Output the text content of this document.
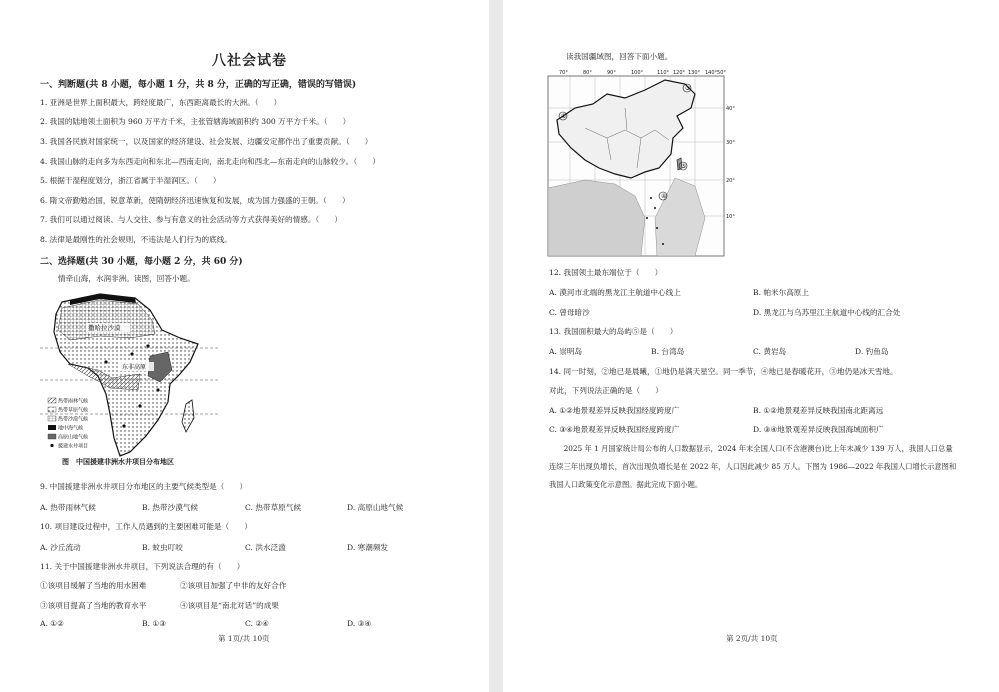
八社会试卷
一、判断题(共 8 小题，每小题 1 分，共 8 分，正确的写正确，错误的写错误)
1. 亚洲是世界上面积最大，跨经度最广，东西距离最长的大洲。（　　）
2. 我国的陆地领土面积为 960 万平方千米，主张管辖海域面积约 300 万平方千米。（　　）
3. 我国各民族对国家统一，以及国家的经济建设、社会发展、边疆安定都作出了重要贡献。（　　）
4. 我国山脉的走向多为东西走向和东北—西南走向，南北走向和西北—东南走向的山脉较少。（　　）
5. 根据干湿程度划分，浙江省属于半湿润区。（　　）
6. 隋文帝勤勉治国，锐意革新，使隋朝经济迅速恢复和发展，成为国力强盛的王朝。（　　）
7. 我们可以通过阅读、与人交往、参与有意义的社会活动等方式获得美好的情感。（　　）
8. 法律是最刚性的社会规则，不违法是人们行为的底线。
二、选择题(共 30 小题，每小题 2 分，共 60 分)
情牵山海，水润非洲。读图，回答小题。
撒哈拉沙漠
东非高原
热带雨林气候
热带草原气候
热带沙漠气候
地中海气候
高原山地气候
援建水井项目
图　中国援建非洲水井项目分布地区
9. 中国援建非洲水井项目分布地区的主要气候类型是（　　）
A. 热带雨林气候	B. 热带沙漠气候	C. 热带草原气候	D. 高原山地气候
10. 项目建设过程中，工作人员遇到的主要困难可能是（　　）
A. 沙丘流动	B. 蚊虫叮咬	C. 洪水泛滥	D. 寒潮频发
11. 关于中国援建非洲水井项目，下列说法合理的有（　　）
①该项目缓解了当地的用水困难	②该项目加强了中非的友好合作
③该项目提高了当地的教育水平	④该项目是“南北对话”的成果
A. ①②	B. ①③	C. ②④	D. ③④
第 1页/共 10页
读我国疆域图，回答下面小题。
①
③
④
⑤
70°	80°	90°	100°	110° 120° 130° 140°50°
40°
30°
20°
10°
12. 我国领土最东端位于（　　）
A. 漠河市北端的黑龙江主航道中心线上	B. 帕米尔高原上
C. 曾母暗沙	D. 黑龙江与乌苏里江主航道中心线的汇合处
13. 我国面积最大的岛屿⑤是（　　）
A. 崇明岛	B. 台湾岛	C. 黄岩岛	D. 钓鱼岛
14. 同一时刻，②地已是晨曦，①地仍是满天星空。同一季节，④地已是春暖花开，③地仍是冰天雪地。
对此，下列说法正确的是（　　）
A. ①②地景观差异反映我国经度跨度广	B. ①②地景观差异反映我国南北距离远
C. ③④地景观差异反映我国经度跨度广	D. ③④地景观差异反映我国海域面积广
2025 年 1 月国家统计局公布的人口数据显示，2024 年末全国人口(不含港澳台)比上年末减少 139 万人，我国人口总量连续三年出现负增长，首次出现负增长是在 2022 年，人口因此减少 85 万人。下图为 1986—2022 年我国人口增长示意图和我国人口政策变化示意图。据此完成下面小题。
第 2页/共 10页
